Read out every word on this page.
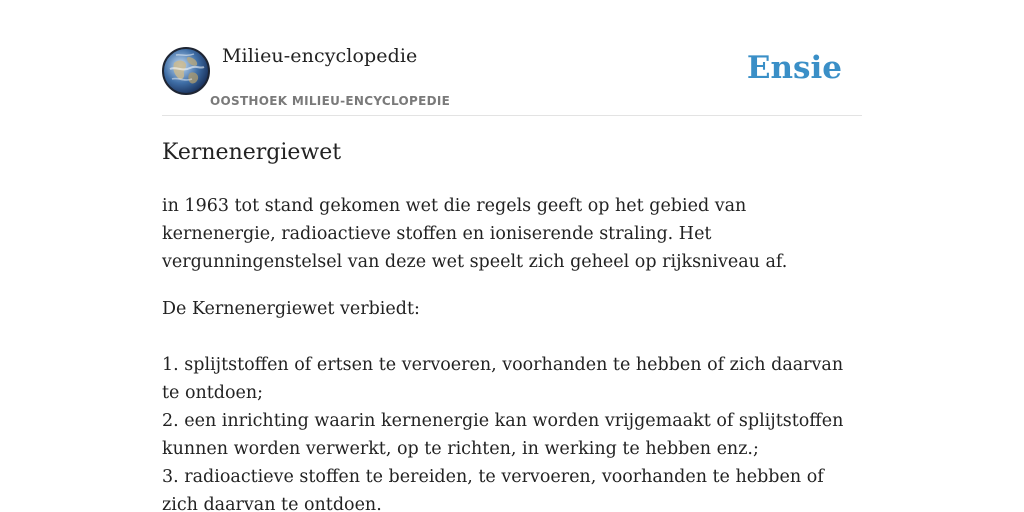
Milieu-encyclopedie
OOSTHOEK MILIEU-ENCYCLOPEDIE
Ensie
Kernenergiewet

in 1963 tot stand gekomen wet die regels geeft op het gebied van kernenergie, radioactieve stoffen en ioniserende straling. Het vergunningenstelsel van deze wet speelt zich geheel op rijksniveau af.

De Kernenergiewet verbiedt:

1. splijtstoffen of ertsen te vervoeren, voorhanden te hebben of zich daarvan te ontdoen;
2. een inrichting waarin kernenergie kan worden vrijgemaakt of splijtstoffen kunnen worden verwerkt, op te richten, in werking te hebben enz.;
3. radioactieve stoffen te bereiden, te vervoeren, voorhanden te hebben of zich daarvan te ontdoen.
